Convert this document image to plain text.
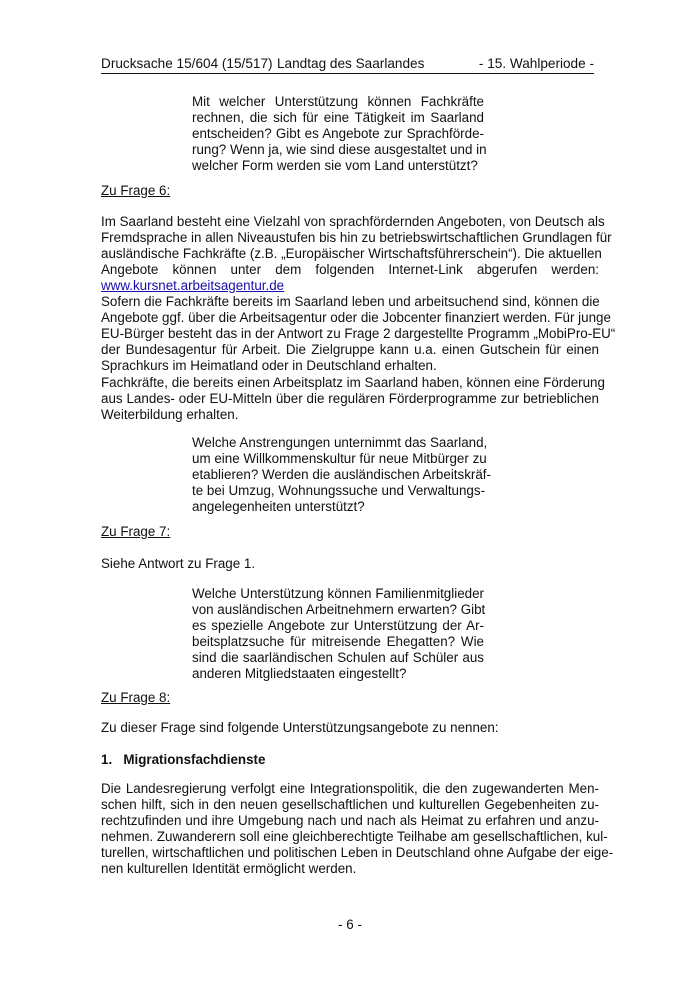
Drucksache 15/604 (15/517) Landtag des Saarlandes	- 15. Wahlperiode -
Mit welcher Unterstützung können Fachkräfte
rechnen, die sich für eine Tätigkeit im Saarland
entscheiden? Gibt es Angebote zur Sprachförde-
rung? Wenn ja, wie sind diese ausgestaltet und in
welcher Form werden sie vom Land unterstützt?
Zu Frage 6:
Im Saarland besteht eine Vielzahl von sprachfördernden Angeboten, von Deutsch als
Fremdsprache in allen Niveaustufen bis hin zu betriebswirtschaftlichen Grundlagen für
ausländische Fachkräfte (z.B. „Europäischer Wirtschaftsführerschein“). Die aktuellen
Angebote können unter dem folgenden Internet-Link abgerufen werden:
www.kursnet.arbeitsagentur.de
Sofern die Fachkräfte bereits im Saarland leben und arbeitsuchend sind, können die
Angebote ggf. über die Arbeitsagentur oder die Jobcenter finanziert werden. Für junge
EU-Bürger besteht das in der Antwort zu Frage 2 dargestellte Programm „MobiPro-EU“
der Bundesagentur für Arbeit. Die Zielgruppe kann u.a. einen Gutschein für einen
Sprachkurs im Heimatland oder in Deutschland erhalten.
Fachkräfte, die bereits einen Arbeitsplatz im Saarland haben, können eine Förderung
aus Landes- oder EU-Mitteln über die regulären Förderprogramme zur betrieblichen
Weiterbildung erhalten.
Welche Anstrengungen unternimmt das Saarland,
um eine Willkommenskultur für neue Mitbürger zu
etablieren? Werden die ausländischen Arbeitskräf-
te bei Umzug, Wohnungssuche und Verwaltungs-
angelegenheiten unterstützt?
Zu Frage 7:
Siehe Antwort zu Frage 1.
Welche Unterstützung können Familienmitglieder
von ausländischen Arbeitnehmern erwarten? Gibt
es spezielle Angebote zur Unterstützung der Ar-
beitsplatzsuche für mitreisende Ehegatten? Wie
sind die saarländischen Schulen auf Schüler aus
anderen Mitgliedstaaten eingestellt?
Zu Frage 8:
Zu dieser Frage sind folgende Unterstützungsangebote zu nennen:
1.   Migrationsfachdienste
Die Landesregierung verfolgt eine Integrationspolitik, die den zugewanderten Men-
schen hilft, sich in den neuen gesellschaftlichen und kulturellen Gegebenheiten zu-
rechtzufinden und ihre Umgebung nach und nach als Heimat zu erfahren und anzu-
nehmen. Zuwanderern soll eine gleichberechtigte Teilhabe am gesellschaftlichen, kul-
turellen, wirtschaftlichen und politischen Leben in Deutschland ohne Aufgabe der eige-
nen kulturellen Identität ermöglicht werden.
- 6 -
